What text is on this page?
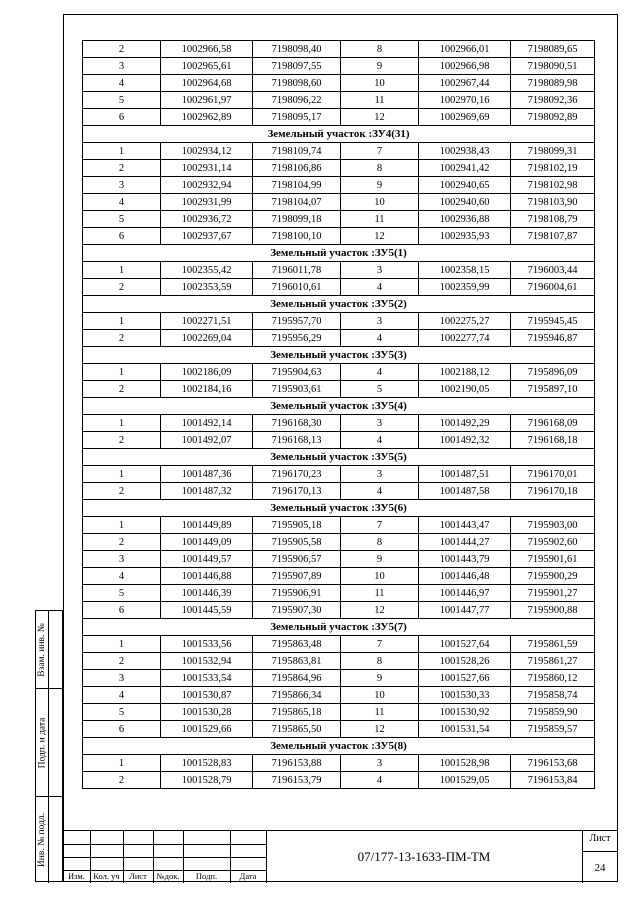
2	1002966,58	7198098,40	8	1002966,01	7198089,65
3	1002965,61	7198097,55	9	1002966,98	7198090,51
4	1002964,68	7198098,60	10	1002967,44	7198089,98
5	1002961,97	7198096,22	11	1002970,16	7198092,36
6	1002962,89	7198095,17	12	1002969,69	7198092,89
Земельный участок :ЗУ4(31)					
1	1002934,12	7198109,74	7	1002938,43	7198099,31
2	1002931,14	7198106,86	8	1002941,42	7198102,19
3	1002932,94	7198104,99	9	1002940,65	7198102,98
4	1002931,99	7198104,07	10	1002940,60	7198103,90
5	1002936,72	7198099,18	11	1002936,88	7198108,79
6	1002937,67	7198100,10	12	1002935,93	7198107,87
Земельный участок :ЗУ5(1)					
1	1002355,42	7196011,78	3	1002358,15	7196003,44
2	1002353,59	7196010,61	4	1002359,99	7196004,61
Земельный участок :ЗУ5(2)					
1	1002271,51	7195957,70	3	1002275,27	7195945,45
2	1002269,04	7195956,29	4	1002277,74	7195946,87
Земельный участок :ЗУ5(3)					
1	1002186,09	7195904,63	4	1002188,12	7195896,09
2	1002184,16	7195903,61	5	1002190,05	7195897,10
Земельный участок :ЗУ5(4)					
1	1001492,14	7196168,30	3	1001492,29	7196168,09
2	1001492,07	7196168,13	4	1001492,32	7196168,18
Земельный участок :ЗУ5(5)					
1	1001487,36	7196170,23	3	1001487,51	7196170,01
2	1001487,32	7196170,13	4	1001487,58	7196170,18
Земельный участок :ЗУ5(6)					
1	1001449,89	7195905,18	7	1001443,47	7195903,00
2	1001449,09	7195905,58	8	1001444,27	7195902,60
3	1001449,57	7195906,57	9	1001443,79	7195901,61
4	1001446,88	7195907,89	10	1001446,48	7195900,29
5	1001446,39	7195906,91	11	1001446,97	7195901,27
6	1001445,59	7195907,30	12	1001447,77	7195900,88
Земельный участок :ЗУ5(7)					
1	1001533,56	7195863,48	7	1001527,64	7195861,59
2	1001532,94	7195863,81	8	1001528,26	7195861,27
3	1001533,54	7195864,96	9	1001527,66	7195860,12
4	1001530,87	7195866,34	10	1001530,33	7195858,74
5	1001530,28	7195865,18	11	1001530,92	7195859,90
6	1001529,66	7195865,50	12	1001531,54	7195859,57
Земельный участок :ЗУ5(8)					
1	1001528,83	7196153,88	3	1001528,98	7196153,68
2	1001528,79	7196153,79	4	1001529,05	7196153,84
Взам. инв. №
Подп. и дата
Инв. № подл.
Изм. Кол. уч	Лист	№док.	Подп.	Дата
07/177-13-1633-ПМ-ТМ
Лист
24
